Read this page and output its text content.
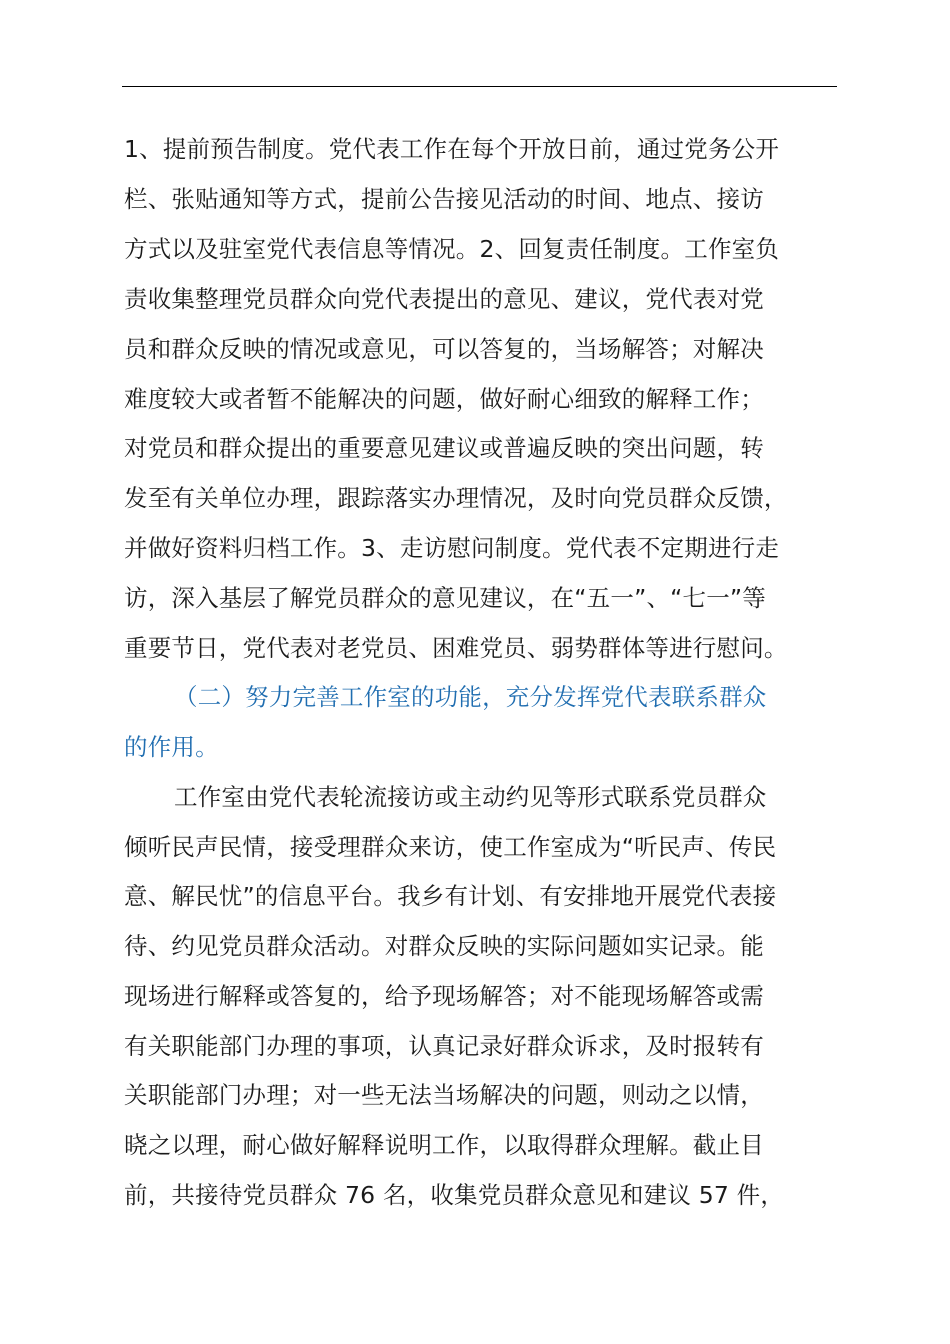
1、提前预告制度。党代表工作在每个开放日前，通过党务公开
栏、张贴通知等方式，提前公告接见活动的时间、地点、接访
方式以及驻室党代表信息等情况。2、回复责任制度。工作室负
责收集整理党员群众向党代表提出的意见、建议，党代表对党
员和群众反映的情况或意见，可以答复的，当场解答；对解决
难度较大或者暂不能解决的问题，做好耐心细致的解释工作；
对党员和群众提出的重要意见建议或普遍反映的突出问题，转
发至有关单位办理，跟踪落实办理情况，及时向党员群众反馈，
并做好资料归档工作。3、走访慰问制度。党代表不定期进行走
访，深入基层了解党员群众的意见建议，在“五一”、“七一”等
重要节日，党代表对老党员、困难党员、弱势群体等进行慰问。
（二）努力完善工作室的功能，充分发挥党代表联系群众
的作用。
工作室由党代表轮流接访或主动约见等形式联系党员群众
倾听民声民情，接受理群众来访，使工作室成为“听民声、传民
意、解民忧”的信息平台。我乡有计划、有安排地开展党代表接
待、约见党员群众活动。对群众反映的实际问题如实记录。能
现场进行解释或答复的，给予现场解答；对不能现场解答或需
有关职能部门办理的事项，认真记录好群众诉求，及时报转有
关职能部门办理；对一些无法当场解决的问题，则动之以情，
晓之以理，耐心做好解释说明工作，以取得群众理解。截止目
前，共接待党员群众 76 名，收集党员群众意见和建议 57 件，
